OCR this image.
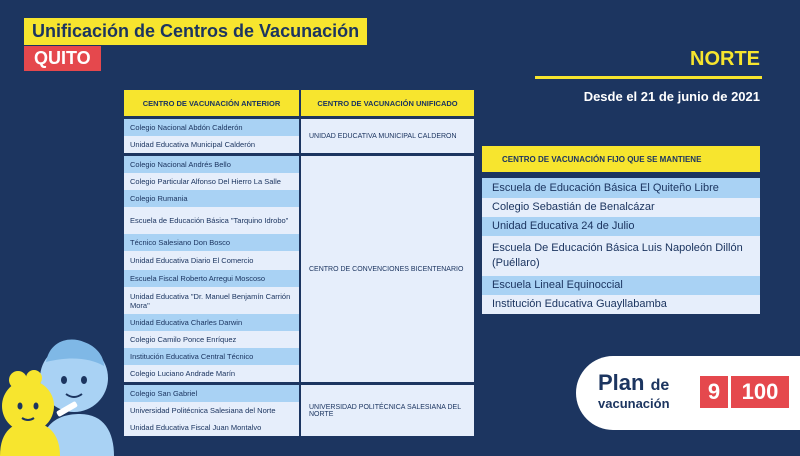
Unificación de Centros de Vacunación
QUITO	NORTE
Desde el 21 de junio de 2021
CENTRO DE VACUNACIÓN ANTERIOR	CENTRO DE VACUNACIÓN UNIFICADO
Colegio Nacional Abdón Calderón
Unidad Educativa Municipal Calderón
UNIDAD EDUCATIVA MUNICIPAL CALDERON
Colegio Nacional Andrés Bello
Colegio Particular Alfonso Del Hierro La Salle
Colegio Rumania
Escuela de Educación Básica "Tarquino Idrobo"
Técnico Salesiano Don Bosco
Unidad Educativa Diario El Comercio
Escuela Fiscal Roberto Arregui Moscoso
Unidad Educativa "Dr. Manuel Benjamín Carrión Mora"
Unidad Educativa Charles Darwin
Colegio Camilo Ponce Enríquez
Institución Educativa Central Técnico
Colegio Luciano Andrade Marín
CENTRO DE CONVENCIONES BICENTENARIO
Colegio San Gabriel
Universidad Politécnica Salesiana del Norte
Unidad Educativa Fiscal Juan Montalvo
UNIVERSIDAD POLITÉCNICA SALESIANA DEL NORTE
CENTRO DE VACUNACIÓN FIJO QUE SE MANTIENE
Escuela de Educación Básica El Quiteño Libre
Colegio Sebastián de Benalcázar
Unidad Educativa 24 de Julio
Escuela De Educación Básica Luis Napoleón Dillón (Puéllaro)
Escuela Lineal Equinoccial
Institución Educativa Guayllabamba
Plan de
vacunación	9 100
